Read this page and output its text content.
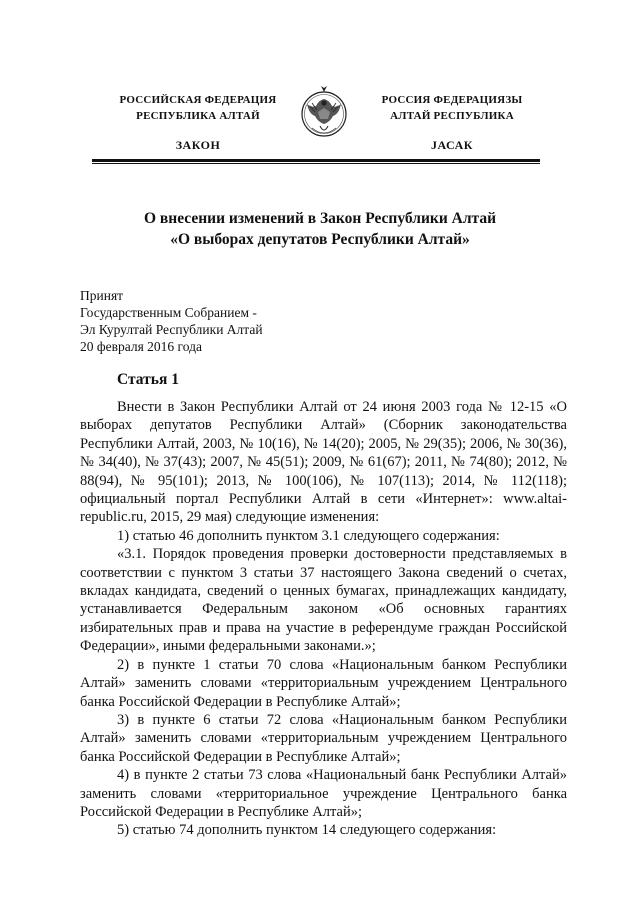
РОССИЙСКАЯ ФЕДЕРАЦИЯ
РЕСПУБЛИКА АЛТАЙ
ЗАКОН
РОССИЯ ФЕДЕРАЦИЯЗЫ
АЛТАЙ РЕСПУБЛИКА
JАСАК
О внесении изменений в Закон Республики Алтай
«О выборах депутатов Республики Алтай»
Принят
Государственным Собранием -
Эл Курултай Республики Алтай
20 февраля 2016 года
Статья 1

Внести в Закон Республики Алтай от 24 июня 2003 года № 12-15 «О выборах депутатов Республики Алтай» (Сборник законодательства Республики Алтай, 2003, № 10(16), № 14(20); 2005, № 29(35); 2006, № 30(36), № 34(40), № 37(43); 2007, № 45(51); 2009, № 61(67); 2011, № 74(80); 2012, № 88(94), № 95(101); 2013, № 100(106), № 107(113); 2014, № 112(118); официальный портал Республики Алтай в сети «Интернет»: www.altai-republic.ru, 2015, 29 мая) следующие изменения:

1) статью 46 дополнить пунктом 3.1 следующего содержания:

«3.1. Порядок проведения проверки достоверности представляемых в соответствии с пунктом 3 статьи 37 настоящего Закона сведений о счетах, вкладах кандидата, сведений о ценных бумагах, принадлежащих кандидату, устанавливается Федеральным законом «Об основных гарантиях избирательных прав и права на участие в референдуме граждан Российской Федерации», иными федеральными законами.»;

2) в пункте 1 статьи 70 слова «Национальным банком Республики Алтай» заменить словами «территориальным учреждением Центрального банка Российской Федерации в Республике Алтай»;

3) в пункте 6 статьи 72 слова «Национальным банком Республики Алтай» заменить словами «территориальным учреждением Центрального банка Российской Федерации в Республике Алтай»;

4) в пункте 2 статьи 73 слова «Национальный банк Республики Алтай» заменить словами «территориальное учреждение Центрального банка Российской Федерации в Республике Алтай»;

5) статью 74 дополнить пунктом 14 следующего содержания:
